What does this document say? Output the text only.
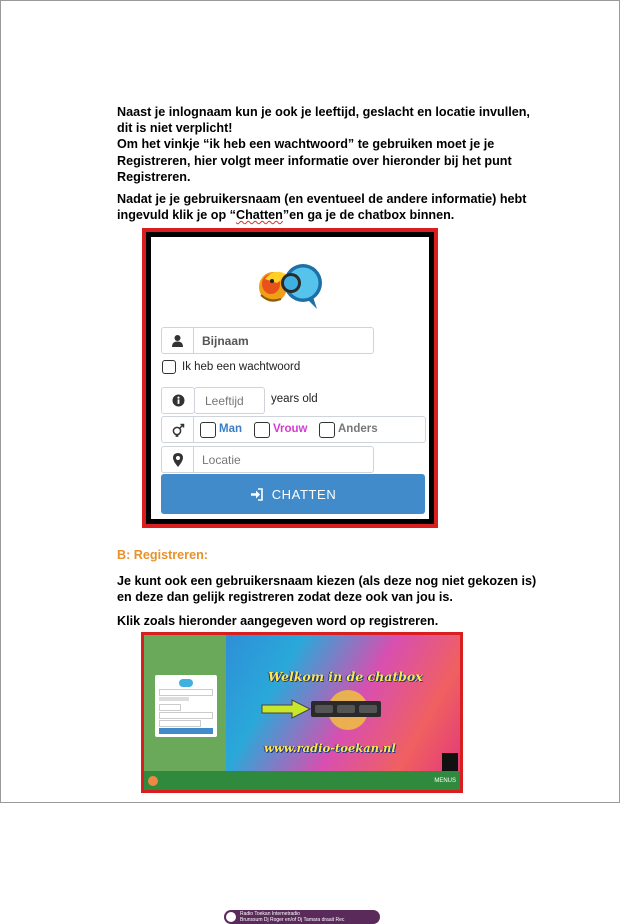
Naast je inlognaam kun je ook je leeftijd, geslacht en locatie invullen,
dit is niet verplicht!
Om het vinkje “ik heb een wachtwoord” te gebruiken moet je je
Registreren, hier volgt meer informatie over hieronder bij het punt
Registreren.

Nadat je je gebruikersnaam (en eventueel de andere informatie) hebt
ingevuld klik je op “Chatten”en ga je de chatbox binnen.

Bijnaam
Ik heb een wachtwoord
Leeftijd	years old
Man	Vrouw	Anders
Locatie
CHATTEN

B: Registreren:

Je kunt ook een gebruikersnaam kiezen (als deze nog niet gekozen is)
en deze dan gelijk registreren zodat deze ook van jou is.

Klik zoals hieronder aangegeven word op registreren.

Welkom in de chatbox
www.radio-toekan.nl
Radio Toekan Internetradio
Brunssum Dj Roger en/of Dj Tamara draait Rec
MENUS
